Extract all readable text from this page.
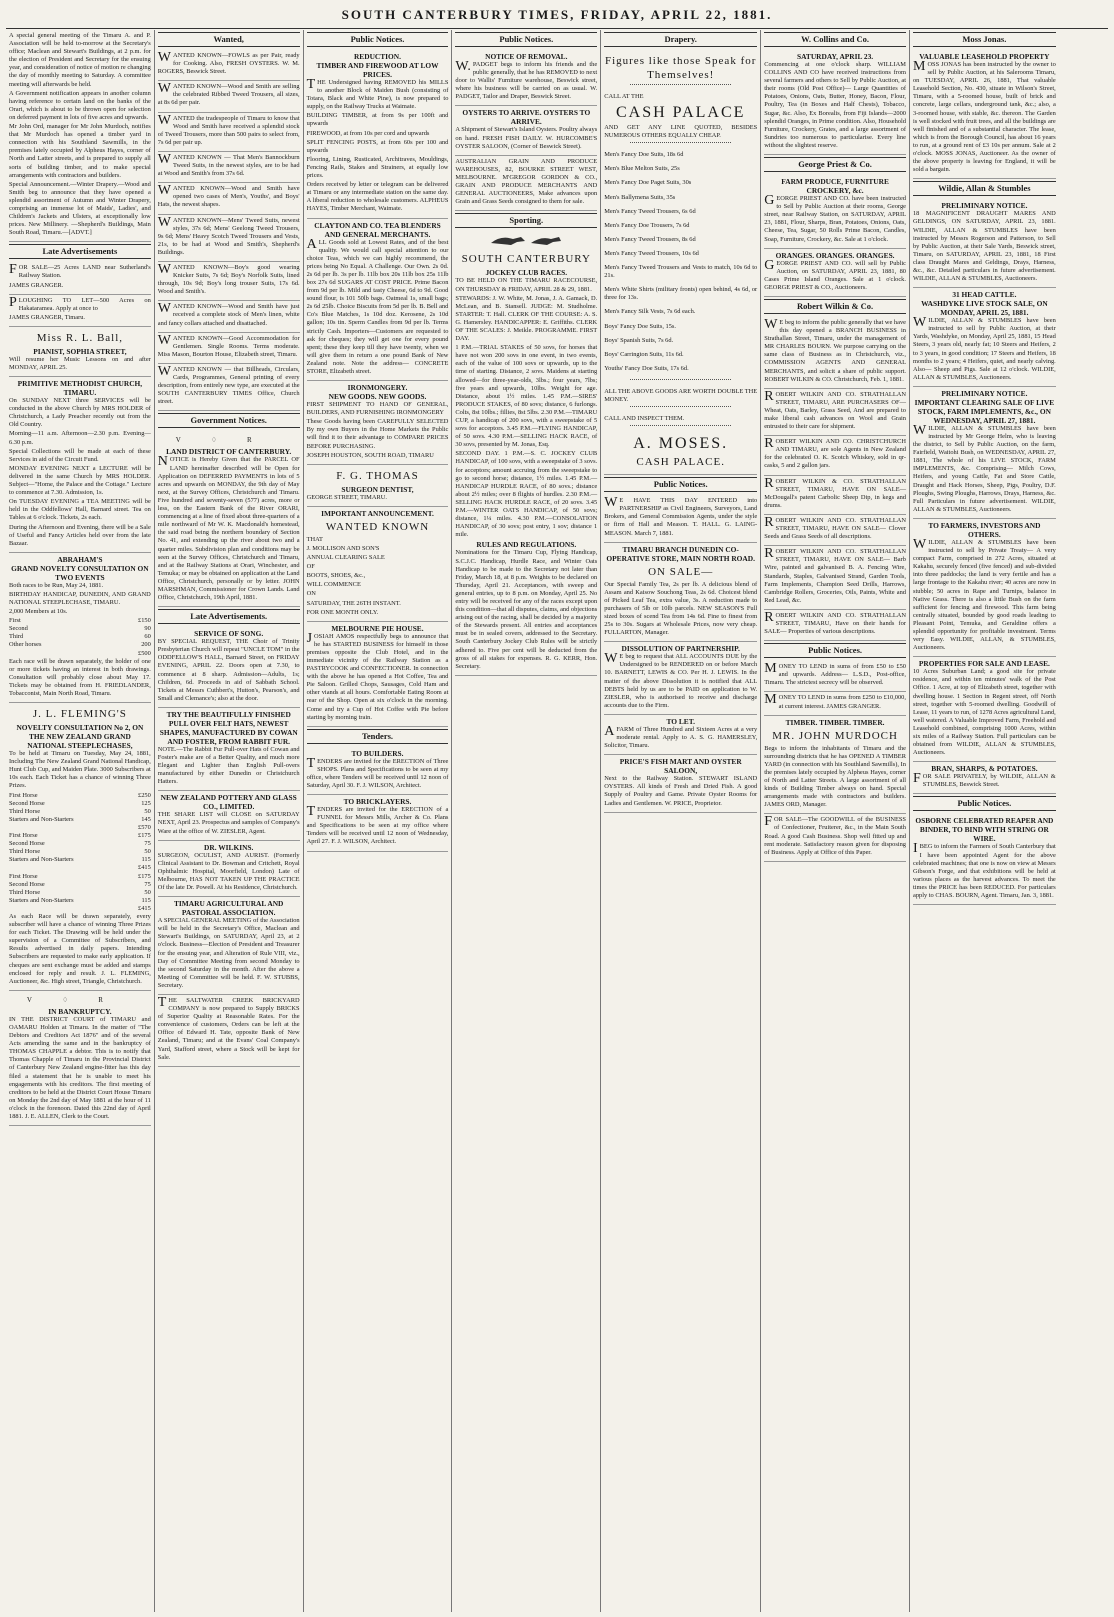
SOUTH CANTERBURY TIMES, FRIDAY, APRIL 22, 1881.

A special general meeting of the Timaru A. and P. Association will be held to-morrow at the Secretary's office; Maclean and Stewart's Buildings, at 2 p.m. for the election of President and Secretary for the ensuing year, and consideration of notice of motion re changing the day of monthly meeting to Saturday. A committee meeting will afterwards be held.

A Government notification appears in another column having reference to certain land on the banks of the Orari, which is about to be thrown open for selection on deferred payment in lots of five acres and upwards.

Mr John Ord, manager for Mr John Murdoch, notifies that Mr Murdoch has opened a timber yard in connection with his Southland Sawmills, in the premises lately occupied by Alpheus Hayes, corner of North and Latter streets, and is prepared to supply all sorts of building timber, and to make special arrangements with contractors and builders.

Special Announcement.—Winter Drapery.—Wood and Smith beg to announce that they have opened a splendid assortment of Autumn and Winter Drapery, comprising an immense lot of Maids', Ladies', and Children's Jackets and Ulsters, at exceptionally low prices. New Millinery. —Shepherd's Buildings, Main South Road, Timaru.—[ADVT.]

Late Advertisements

FOR SALE—25 Acres LAND near Sutherland's Railway Station.

JAMES GRANGER.

PLOUGHING TO LET—500 Acres on Hakataramea. Apply at once to

JAMES GRANGER, Timaru.

Miss R. L. Ball,
PIANIST, SOPHIA STREET,

Will resume her Music Lessons on and after MONDAY, APRIL 25.

PRIMITIVE METHODIST CHURCH, TIMARU.

On SUNDAY NEXT three SERVICES will be conducted in the above Church by MRS HOLDER of Christchurch, a Lady Preacher recently out from the Old Country.

Morning—11 a.m. Afternoon—2.30 p.m. Evening—6.30 p.m.

Special Collections will be made at each of these Services in aid of the Circuit Fund.

MONDAY EVENING NEXT a LECTURE will be delivered in the same Church by MRS HOLDER. Subject—"Home, the Palace and the Cottage." Lecture to commence at 7.30. Admission, 1s.

On TUESDAY EVENING a TEA MEETING will be held in the Oddfellows' Hall, Barnard street. Tea on Tables at 6 o'clock. Tickets, 2s each.

During the Afternoon and Evening, there will be a Sale of Useful and Fancy Articles held over from the late Bazaar.

ABRAHAM'S
GRAND NOVELTY CONSULTATION ON TWO EVENTS

Both races to be Run, May 24, 1881.

BIRTHDAY HANDICAP, DUNEDIN, AND GRAND NATIONAL STEEPLECHASE, TIMARU.

2,000 Members at 10s.

First	£150
Second	90
Third	60
Other horses	200
£500

Each race will be drawn separately, the holder of one or more tickets having an interest in both drawings. Consultation will probably close about May 17. Tickets may be obtained from H. FRIEDLANDER, Tobacconist, Main North Road, Timaru.

J. L. FLEMING'S
NOVELTY CONSULTATION No 2, ON THE NEW ZEALAND GRAND NATIONAL STEEPLECHASES,

To be held at Timaru on Tuesday, May 24, 1881, Including The New Zealand Grand National Handicap, Hunt Club Cup, and Maiden Plate. 3000 Subscribers at 10s each. Each Ticket has a chance of winning Three Prizes.

First Horse	£250
Second Horse	125
Third Horse	50
Starters and Non-Starters	145
£570
First Horse	£175
Second Horse	75
Third Horse	50
Starters and Non-Starters	115
£415
First Horse	£175
Second Horse	75
Third Horse	50
Starters and Non-Starters	115
£415

As each Race will be drawn separately, every subscriber will have a chance of winning Three Prizes for each Ticket. The Drawing will be held under the supervision of a Committee of Subscribers, and Results advertised in daily papers. Intending Subscribers are requested to make early application. If cheques are sent exchange must be added and stamps enclosed for reply and result. J. L. FLEMING, Auctioneer, &c. High street, Triangle, Christchurch.

V♢R
IN BANKRUPTCY.

IN THE DISTRICT COURT of TIMARU and OAMARU Holden at Timaru. In the matter of "The Debtors and Creditors Act 1876" and of the several Acts amending the same and in the bankruptcy of THOMAS CHAPPLE a debtor. This is to notify that Thomas Chapple of Timaru in the Provincial District of Canterbury New Zealand engine-fitter has this day filed a statement that he is unable to meet his engagements with his creditors. The first meeting of creditors to be held at the District Court House Timaru on Monday the 2nd day of May 1881 at the hour of 11 o'clock in the forenoon. Dated this 22nd day of April 1881. J. E. ALLEN, Clerk to the Court.

Wanted,

WANTED KNOWN—FOWLS as per Pair, ready for Cooking. Also, FRESH OYSTERS. W. M. ROGERS, Beswick Street.

WANTED KNOWN—Wood and Smith are selling the celebrated Ribbed Tweed Trousers, all sizes, at 8s 6d per pair.

WANTED the tradespeople of Timaru to know that Wood and Smith have received a splendid stock of Tweed Trousers, more than 500 pairs to select from, 7s 6d per pair up.

WANTED KNOWN — That Men's Bannockburn Tweed Suits, in the newest styles, are to be had at Wood and Smith's from 37s 6d.

WANTED KNOWN—Wood and Smith have opened two cases of Men's, Youths', and Boys' Hats, the newest shapes.

WANTED KNOWN—Mens' Tweed Suits, newest styles, 37s 6d; Mens' Geelong Tweed Trousers, 9s 6d; Mens' Heavy Scotch Tweed Trousers and Vests, 21s, to be had at Wood and Smith's, Shepherd's Buildings.

WANTED KNOWN—Boy's good wearing Knicker Suits, 7s 6d; Boy's Norfolk Suits, lined through, 10s 9d; Boy's long trouser Suits, 17s 6d. Wood and Smith's.

WANTED KNOWN—Wood and Smith have just received a complete stock of Men's linen, white and fancy collars attached and disattached.

WANTED KNOWN—Good Accommodation for Gentlemen. Single Rooms. Terms moderate. Miss Mason, Bourton House, Elizabeth street, Timaru.

WANTED KNOWN — that Billheads, Circulars, Cards, Programmes, General printing of every description, from entirely new type, are executed at the SOUTH CANTERBURY TIMES Office, Church street.

Government Notices.
V♢R
LAND DISTRICT OF CANTERBURY.

NOTICE is Hereby Given that the PARCEL OF LAND hereinafter described will be Open for Application on DEFERRED PAYMENTS in lots of 5 acres and upwards on MONDAY, the 9th day of May next, at the Survey Offices, Christchurch and Timaru. Five hundred and seventy-seven (577) acres, more or less, on the Eastern Bank of the River ORARI, commencing at a line of fixed about three-quarters of a mile northward of Mr W. K. Macdonald's homestead, the said road being the northern boundary of Section No. 41, and extending up the river about two and a quarter miles. Subdivision plan and conditions may be seen at the Survey Offices, Christchurch and Timaru, and at the Railway Stations at Orari, Winchester, and Temuka; or may be obtained on application at the Land Office, Christchurch, personally or by letter. JOHN MARSHMAN, Commissioner for Crown Lands. Land Office, Christchurch, 19th April, 1881.

Late Advertisements.
SERVICE OF SONG.

BY SPECIAL REQUEST, THE Choir of Trinity Presbyterian Church will repeat "UNCLE TOM" in the ODDFELLOW'S HALL, Barnard Street, on FRIDAY EVENING, APRIL 22. Doors open at 7.30, to commence at 8 sharp. Admission—Adults, 1s; Children, 6d. Proceeds in aid of Sabbath School. Tickets at Messrs Cuthbert's, Hutton's, Pearson's, and Small and Clemance's; also at the door.

TRY THE BEAUTIFULLY FINISHED PULL OVER FELT HATS, NEWEST SHAPES, MANUFACTURED BY COWAN AND FOSTER, FROM RABBIT FUR.

NOTE.—The Rabbit Fur Pull-over Hats of Cowan and Foster's make are of a Better Quality, and much more Elegant and Lighter than English Pull-overs manufactured by either Dunedin or Christchurch Hatters.

NEW ZEALAND POTTERY AND GLASS CO., LIMITED.

THE SHARE LIST will CLOSE on SATURDAY NEXT, April 23. Prospectus and samples of Company's Ware at the office of W. ZIESLER, Agent.

DR. WILKINS.

SURGEON, OCULIST, AND AURIST. (Formerly Clinical Assistant to Dr. Bowman and Critchett, Royal Ophthalmic Hospital, Moorfield, London) Late of Melbourne, HAS NOT TAKEN UP THE PRACTICE Of the late Dr. Powell. At his Residence, Christchurch.

TIMARU AGRICULTURAL AND PASTORAL ASSOCIATION.

A SPECIAL GENERAL MEETING of the Association will be held in the Secretary's Office, Maclean and Stewart's Buildings, on SATURDAY, April 23, at 2 o'clock. Business—Election of President and Treasurer for the ensuing year, and Alteration of Rule VIII, viz., Day of Committee Meeting from second Monday to the second Saturday in the month. After the above a Meeting of Committee will be held. F. W. STUBBS, Secretary.

THE SALTWATER CREEK BRICKYARD COMPANY is now prepared to Supply BRICKS of Superior Quality at Reasonable Rates. For the convenience of customers, Orders can be left at the Office of Edward H. Tate, opposite Bank of New Zealand, Timaru; and at the Evans' Coal Company's Yard, Stafford street, where a Stock will be kept for Sale.

Public Notices.
REDUCTION.
TIMBER AND FIREWOOD AT LOW PRICES.

THE Undersigned having REMOVED his MILLS to another Block of Maiden Bush (consisting of Totara, Black and White Pine), is now prepared to supply, on the Railway Trucks at Waimate.

BUILDING TIMBER, at from 9s per 100ft and upwards

FIREWOOD, at from 10s per cord and upwards

SPLIT FENCING POSTS, at from 60s per 100 and upwards

Flooring, Lining, Rusticated, Architraves, Mouldings, Fencing Rails, Stakes and Strainers, at equally low prices.

Orders received by letter or telegram can be delivered at Timaru or any intermediate station on the same day. A liberal reduction to wholesale customers. ALPHEUS HAYES, Timber Merchant, Waimate.

CLAYTON AND CO. TEA BLENDERS AND GENERAL MERCHANTS.

ALL Goods sold at Lowest Rates, and of the best quality. We would call special attention to our choice Teas, which we can highly recommend, the prices being No Equal. A Challenge. Our Own. 2s 0d. 2s 6d per lb. 3s per lb. 11lb box 20s 11lb box 25s 11lb box 27s 6d SUGARS AT COST PRICE. Prime Bacon from 9d per lb. Mild and tasty Cheese, 6d to 9d. Good sound flour, is 101 50lb bags. Oatmeal 1s, small bags; 2s 6d 25lb. Choice Biscuits from 5d per lb. B. Bell and Co's Blue Matches, 1s 10d doz. Kerosene, 2s 10d gallon; 10s tin. Sperm Candles from 9d per lb. Terms strictly Cash. Importers—Customers are requested to ask for cheques; they will get one for every pound spent; these they keep till they have twenty, when we will give them in return a one pound Bank of New Zealand note. Note the address— CONCRETE STORE, Elizabeth street.

IRONMONGERY.
NEW GOODS. NEW GOODS.

FIRST SHIPMENT TO HAND OF GENERAL, BUILDERS, AND FURNISHING IRONMONGERY

These Goods having been CAREFULLY SELECTED By my own Buyers in the Home Markets the Public will find it to their advantage to COMPARE PRICES BEFORE PURCHASING.

JOSEPH HOUSTON, SOUTH ROAD, TIMARU

F. G. THOMAS
SURGEON DENTIST,

GEORGE STREET, TIMARU.

IMPORTANT ANNOUNCEMENT.
WANTED KNOWN

THAT

J. MOLLISON AND SON'S

ANNUAL CLEARING SALE

OF

BOOTS, SHOES, &c.,

WILL COMMENCE

ON

SATURDAY, THE 26TH INSTANT.

FOR ONE MONTH ONLY.

MELBOURNE PIE HOUSE.

JOSIAH AMOS respectfully begs to announce that he has STARTED BUSINESS for himself in those premises opposite the Club Hotel, and in the immediate vicinity of the Railway Station as a PASTRYCOOK and CONFECTIONER. In connection with the above he has opened a Hot Coffee, Tea and Pie Saloon. Grilled Chops, Sausages, Cold Ham and other viands at all hours. Comfortable Eating Room at rear of the Shop. Open at six o'clock in the morning. Come and try a Cup of Hot Coffee with Pie before starting by morning train.

Tenders.
TO BUILDERS.

TENDERS are invited for the ERECTION of Three SHOPS. Plans and Specifications to be seen at my office, where Tenders will be received until 12 noon of Saturday, April 30. F. J. WILSON, Architect.

TO BRICKLAYERS.

TENDERS are invited for the ERECTION of a FUNNEL for Messrs Mills, Archer & Co. Plans and Specifications to be seen at my office where Tenders will be received until 12 noon of Wednesday, April 27. F. J. WILSON, Architect.

Public Notices.
NOTICE OF REMOVAL.

W.PADGET begs to inform his friends and the public generally, that he has REMOVED to next door to Wallis' Furniture warehouse, Beswick street, where his business will be carried on as usual. W. PADGET, Tailor and Draper, Beswick Street.

OYSTERS TO ARRIVE. OYSTERS TO ARRIVE.

A Shipment of Stewart's Island Oysters. Poultry always on hand. FRESH FISH DAILY. W. HURCOMBE'S OYSTER SALOON, (Corner of Beswick Street).

AUSTRALIAN GRAIN AND PRODUCE WAREHOUSES, 82, BOURKE STREET WEST, MELBOURNE. M'GREGOR GORDON & CO., GRAIN AND PRODUCE MERCHANTS AND GENERAL AUCTIONEERS, Make advances upon Grain and Grass Seeds consigned to them for sale.

Sporting.
SOUTH CANTERBURY
JOCKEY CLUB RACES.

TO BE HELD ON THE TIMARU RACECOURSE, ON THURSDAY & FRIDAY, APRIL 28 & 29, 1881.

STEWARDS: J. W. White, M. Jonas, J. A. Gamack, D. McLean, and B. Stansell. JUDGE: M. Studholme. STARTER: T. Hall. CLERK OF THE COURSE: A. S. G. Hamersley. HANDICAPPER: E. Griffiths. CLERK OF THE SCALES: J. Meikle. PROGRAMME. FIRST DAY.

1 P.M.—TRIAL STAKES of 50 sovs, for horses that have not won 200 sovs in one event, in two events, each of the value of 100 sovs or upwards, up to the time of starting. Distance, 2 sovs. Maidens at starting allowed—for three-year-olds, 3lbs.; four years, 7lbs; five years and upwards, 10lbs. Weight for age. Distance, about 1½ miles. 1.45 P.M.—SIRES' PRODUCE STAKES, of 80 sovs; distance, 6 furlongs. Colts, 8st 10lbs.; fillies, 8st 5lbs. 2.30 P.M.—TIMARU CUP, a handicap of 200 sovs, with a sweepstake of 5 sovs for acceptors. 3.45 P.M.—FLYING HANDICAP, of 50 sovs. 4.30 P.M.—SELLING HACK RACE, of 30 sovs, presented by M. Jonas, Esq.

SECOND DAY. 1 P.M.—S. C. JOCKEY CLUB HANDICAP, of 100 sovs, with a sweepstake of 3 sovs. for acceptors; amount accruing from the sweepstake to go to second horse; distance, 1½ miles. 1.45 P.M.—HANDICAP HURDLE RACE, of 80 sovs.; distance about 2½ miles; over 8 flights of hurdles. 2.30 P.M.—SELLING HACK HURDLE RACE, of 20 sovs. 3.45 P.M.—WINTER OATS HANDICAP, of 50 sovs; distance, 1¼ miles. 4.30 P.M.—CONSOLATION HANDICAP, of 30 sovs; post entry, 1 sov; distance 1 mile.

RULES AND REGULATIONS.

Nominations for the Timaru Cup, Flying Handicap, S.C.J.C. Handicap, Hurdle Race, and Winter Oats Handicap to be made to the Secretary not later than Friday, March 18, at 8 p.m. Weights to be declared on Thursday, April 21. Acceptances, with sweep and general entries, up to 8 p.m. on Monday, April 25. No entry will be received for any of the races except upon this condition—that all disputes, claims, and objections arising out of the racing, shall be decided by a majority of the Stewards present. All entries and acceptances must be in sealed covers, addressed to the Secretary. South Canterbury Jockey Club Rules will be strictly adhered to. Five per cent will be deducted from the gross of all stakes for expenses. R. G. KERR, Hon. Secretary.

Drapery.
Figures like those Speak for Themselves!

CALL AT THE

CASH PALACE

AND GET ANY LINE QUOTED, BESIDES NUMEROUS OTHERS EQUALLY CHEAP.

Men's Fancy Doe Suits, 18s 6d

Men's Blue Melton Suits, 25s

Men's Fancy Doe Paget Suits, 30s

Men's Ballymena Suits, 35s

Men's Fancy Tweed Trousers, 6s 6d

Men's Fancy Doe Trousers, 7s 6d

Men's Fancy Tweed Trousers, 8s 6d

Men's Fancy Tweed Trousers, 10s 6d

Men's Fancy Tweed Trousers and Vests to match, 10s 6d to 21s.

Men's White Shirts (military fronts) open behind, 4s 6d, or three for 13s.

Men's Fancy Silk Vests, 7s 6d each.

Boys' Fancy Doe Suits, 15s.

Boys' Spanish Suits, 7s 6d.

Boys' Carrington Suits, 11s 6d.

Youths' Fancy Doe Suits, 17s 6d.

ALL THE ABOVE GOODS ARE WORTH DOUBLE THE MONEY.

CALL AND INSPECT THEM.

A. MOSES.
CASH PALACE.
Public Notices.

WE HAVE THIS DAY ENTERED into PARTNERSHIP as Civil Engineers, Surveyors, Land Brokers, and General Commission Agents, under the style or firm of Hall and Meason. T. HALL. G. LAING-MEASON. March 7, 1881.

TIMARU BRANCH DUNEDIN CO-OPERATIVE STORE, MAIN NORTH ROAD.
ON SALE—

Our Special Family Tea, 2s per lb. A delicious blend of Assam and Kaisow Souchong Teas, 2s 6d. Choicest blend of Picked Leaf Tea, extra value, 3s. A reduction made to purchasers of 5lb or 10lb parcels. NEW SEASON'S Full sized boxes of scend Tea from 14s 6d. Fine to finest from 25s to 30s. Sugars at Wholesale Prices, now very cheap. FULLARTON, Manager.

DISSOLUTION OF PARTNERSHIP.

WE beg to request that ALL ACCOUNTS DUE by the Undersigned to be RENDERED on or before March 10. BARNETT, LEWIS & CO. Per H. J. LEWIS. In the matter of the above Dissolution it is notified that ALL DEBTS held by us are to be PAID on application to W. ZIESLER, who is authorised to receive and discharge accounts due to the Firm.

TO LET.

AFARM of Three Hundred and Sixteen Acres at a very moderate rental. Apply to A. S. G. HAMERSLEY, Solicitor, Timaru.

PRICE'S FISH MART AND OYSTER SALOON,

Next to the Railway Station. STEWART ISLAND OYSTERS. All kinds of Fresh and Dried Fish. A good Supply of Poultry and Game. Private Oyster Rooms for Ladies and Gentlemen. W. PRICE, Proprietor.

W. Collins and Co.
SATURDAY, APRIL 23.

Commencing at one o'clock sharp. WILLIAM COLLINS AND CO have received instructions from several farmers and others to Sell by Public Auction, at their rooms (Old Post Office)— Large Quantities of Potatoes, Onions, Oats, Butter, Honey, Bacon, Flour, Poultry, Tea (in Boxes and Half Chests), Tobacco, Sugar, &c. Also, Ex Borealis, from Fiji Islands—2000 splendid Oranges, in Prime condition. Also, Household Furniture, Crockery, Grates, and a large assortment of Sundries too numerous to particularise. Every line without the slightest reserve.

George Priest & Co.
FARM PRODUCE, FURNITURE CROCKERY, &c.

GEORGE PRIEST AND CO. have been instructed to Sell by Public Auction at their rooms, George street, near Railway Station, on SATURDAY, APRIL 23, 1881, Flour, Sharps, Bran, Potatoes, Onions, Oats, Cheese, Tea, Sugar, 50 Rolls Prime Bacon, Candles, Soap, Furniture, Crockery, &c. Sale at 1 o'clock.

ORANGES. ORANGES. ORANGES.

GEORGE PRIEST AND CO. will sell by Public Auction, on SATURDAY, APRIL 23, 1881, 80 Cases Prime Island Oranges. Sale at 1 o'clock. GEORGE PRIEST & CO., Auctioneers.

Robert Wilkin & Co.

WE beg to inform the public generally that we have this day opened a BRANCH BUSINESS in Strathallan Street, Timaru, under the management of MR CHARLES BOURN. We purpose carrying on the same class of Business as in Christchurch, viz., COMMISSION AGENTS AND GENERAL MERCHANTS, and solicit a share of public support. ROBERT WILKIN & CO. Christchurch, Feb. 1, 1881.

ROBERT WILKIN AND CO. STRATHALLAN STREET, TIMARU, ARE PURCHASERS OF— Wheat, Oats, Barley, Grass Seed, And are prepared to make liberal cash advances on Wool and Grain entrusted to their care for shipment.

ROBERT WILKIN AND CO. CHRISTCHURCH AND TIMARU, are sole Agents in New Zealand for the celebrated O. K. Scotch Whiskey, sold in qr-casks, 5 and 2 gallon jars.

ROBERT WILKIN & CO. STRATHALLAN STREET, TIMARU, HAVE ON SALE— McDougall's patent Carbolic Sheep Dip, in kegs and drums.

ROBERT WILKIN AND CO. STRATHALLAN STREET, TIMARU, HAVE ON SALE— Clover Seeds and Grass Seeds of all descriptions.

ROBERT WILKIN AND CO. STRATHALLAN STREET, TIMARU, HAVE ON SALE— Barb Wire, painted and galvanised B. A. Fencing Wire, Standards, Staples, Galvanised Strand, Garden Tools, Farm Implements, Champion Seed Drills, Harrows, Cambridge Rollers, Groceries, Oils, Paints, White and Red Lead, &c.

ROBERT WILKIN AND CO. STRATHALLAN STREET, TIMARU, Have on their hands for SALE— Properties of various descriptions.

Public Notices.

MONEY TO LEND in sums of from £50 to £50 and upwards. Address— L.S.D., Post-office, Timaru. The strictest secrecy will be observed.

MONEY TO LEND in sums from £250 to £10,000, at current interest. JAMES GRANGER.

TIMBER. TIMBER. TIMBER.
MR. JOHN MURDOCH

Begs to inform the inhabitants of Timaru and the surrounding districts that he has OPENED A TIMBER YARD (in connection with his Southland Sawmills), In the premises lately occupied by Alpheus Hayes, corner of North and Latter Streets. A large assortment of all kinds of Building Timber always on hand. Special arrangements made with contractors and builders. JAMES ORD, Manager.

FOR SALE—The GOODWILL of the BUSINESS of Confectioner, Fruiterer, &c., in the Main South Road. A good Cash Business. Shop well fitted up and rent moderate. Satisfactory reason given for disposing of Business. Apply at Office of this Paper.

Moss Jonas.
VALUABLE LEASEHOLD PROPERTY

MOSS JONAS has been instructed by the owner to sell by Public Auction, at his Salerooms Timaru, on TUESDAY, APRIL 26, 1881, That valuable Leasehold Section, No. 430, situate in Wilson's Street, Timaru, with a 5-roomed house, built of brick and concrete, large cellars, underground tank, &c.; also, a 3-roomed house, with stable, &c. thereon. The Garden is well stocked with fruit trees, and all the buildings are well finished and of a substantial character. The lease, which is from the Borough Council, has about 16 years to run, at a ground rent of £3 10s per annum. Sale at 2 o'clock. MOSS JONAS, Auctioneer. As the owner of the above property is leaving for England, it will be sold a bargain.

Wildie, Allan & Stumbles
PRELIMINARY NOTICE.

18 MAGNIFICENT DRAUGHT MARES AND GELDINGS, ON SATURDAY, APRIL 23, 1881. WILDIE, ALLAN & STUMBLES have been instructed by Messrs Rogerson and Patterson, to Sell by Public Auction, at their Sale Yards, Beswick street, Timaru, on SATURDAY, APRIL 23, 1881, 18 First class Draught Mares and Geldings, Drays, Harness, &c., &c. Detailed particulars in future advertisement. WILDIE, ALLAN & STUMBLES, Auctioneers.

31 HEAD CATTLE.
WASHDYKE LIVE STOCK SALE, ON MONDAY, APRIL 25, 1881.

WILDIE, ALLAN & STUMBLES have been instructed to sell by Public Auction, at their Yards, Washdyke, on Monday, April 25, 1881, 15 Head Steers, 3 years old, nearly fat; 10 Steers and Heifers, 2 to 3 years, in good condition; 17 Steers and Heifers, 18 months to 2 years; 4 Heifers, quiet, and nearly calving. Also— Sheep and Pigs. Sale at 12 o'clock. WILDIE, ALLAN & STUMBLES, Auctioneers.

PRELIMINARY NOTICE.
IMPORTANT CLEARING SALE OF LIVE STOCK, FARM IMPLEMENTS, &c., ON WEDNESDAY, APRIL 27, 1881.

WILDIE, ALLAN & STUMBLES have been instructed by Mr George Helm, who is leaving the district, to Sell by Public Auction, on the farm, Fairfield, Waitohi Bush, on WEDNESDAY, APRIL 27, 1881, The whole of his LIVE STOCK, FARM IMPLEMENTS, &c. Comprising— Milch Cows, Heifers, and young Cattle, Fat and Store Cattle, Draught and Hack Horses, Sheep, Pigs, Poultry, D.F. Ploughs, Swing Ploughs, Harrows, Drays, Harness, &c. Full Particulars in future advertisement. WILDIE, ALLAN & STUMBLES, Auctioneers.

TO FARMERS, INVESTORS AND OTHERS.

WILDIE, ALLAN & STUMBLES have been instructed to sell by Private Treaty— A very compact Farm, comprised in 272 Acres, situated at Kakahu, securely fenced (five fenced) and sub-divided into three paddocks; the land is very fertile and has a large frontage to the Kakahu river; 40 acres are now in stubble; 50 acres in Rape and Turnips, balance in Native Grass. There is also a little Bush on the farm sufficient for fencing and firewood. This farm being centrally situated, bounded by good roads leading to Pleasant Point, Temuka, and Geraldine offers a splendid opportunity for profitable investment. Terms very Easy. WILDIE, ALLAN, & STUMBLES, Auctioneers.

PROPERTIES FOR SALE AND LEASE.

10 Acres Suburban Land; a good site for private residence, and within ten minutes' walk of the Post Office. 1 Acre, at top of Elizabeth street, together with dwelling house. 1 Section in Regent street, off North street, together with 5-roomed dwelling. Goodwill of Lease, 11 years to run, of 1278 Acres agricultural Land, well watered. A Valuable Improved Farm, Freehold and Leasehold combined, comprising 1000 Acres, within six miles of a Railway Station. Full particulars can be obtained from WILDIE, ALLAN & STUMBLES, Auctioneers.

BRAN, SHARPS, & POTATOES.

FOR SALE PRIVATELY, by WILDIE, ALLAN & STUMBLES, Beswick Street.

Public Notices.
OSBORNE CELEBRATED REAPER AND BINDER, TO BIND WITH STRING OR WIRE.

IBEG to inform the Farmers of South Canterbury that I have been appointed Agent for the above celebrated machines; that one is now on view at Messrs Gibson's Forge, and that exhibitions will be held at various places as the harvest advances. To meet the times the PRICE has been REDUCED. For particulars apply to CHAS. BOURN, Agent. Timaru, Jan. 3, 1881.
